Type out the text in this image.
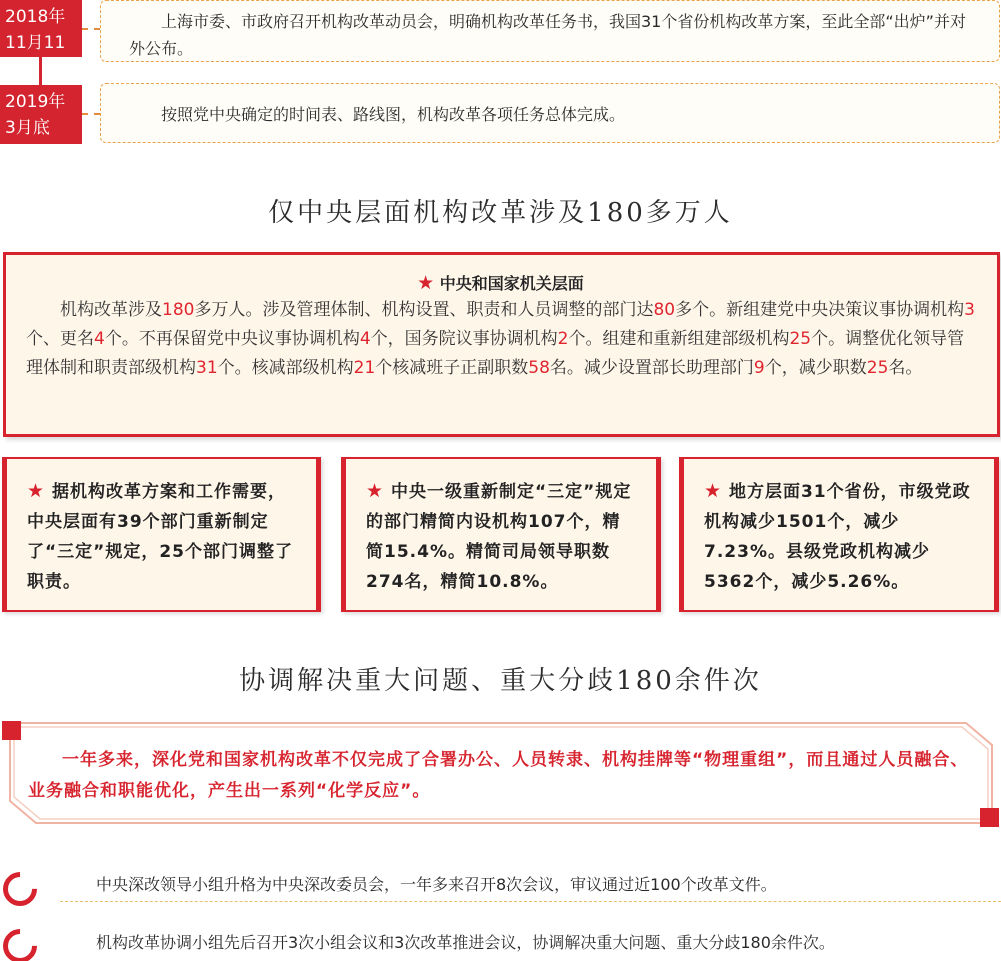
2018年
11月11日

上海市委、市政府召开机构改革动员会，明确机构改革任务书，我国31个省份机构改革方案，至此全部“出炉”并对外公布。

2019年
3月底

按照党中央确定的时间表、路线图，机构改革各项任务总体完成。

仅中央层面机构改革涉及180多万人
★ 中央和国家机关层面
机构改革涉及180多万人。涉及管理体制、机构设置、职责和人员调整的部门达80多个。新组建党中央决策议事协调机构3个、更名4个。不再保留党中央议事协调机构4个，国务院议事协调机构2个。组建和重新组建部级机构25个。调整优化领导管理体制和职责部级机构31个。核减部级机构21个核减班子正副职数58名。减少设置部长助理部门9个，减少职数25名。
★ 据机构改革方案和工作需要，中央层面有39个部门重新制定了“三定”规定，25个部门调整了职责。
★ 中央一级重新制定“三定”规定的部门精简内设机构107个，精简15.4%。精简司局领导职数274名，精简10.8%。
★ 地方层面31个省份，市级党政机构减少1501个，减少7.23%。县级党政机构减少5362个，减少5.26%。
协调解决重大问题、重大分歧180余件次
一年多来，深化党和国家机构改革不仅完成了合署办公、人员转隶、机构挂牌等“物理重组”，而且通过人员融合、业务融合和职能优化，产生出一系列“化学反应”。
中央深改领导小组升格为中央深改委员会，一年多来召开8次会议，审议通过近100个改革文件。
机构改革协调小组先后召开3次小组会议和3次改革推进会议，协调解决重大问题、重大分歧180余件次。
